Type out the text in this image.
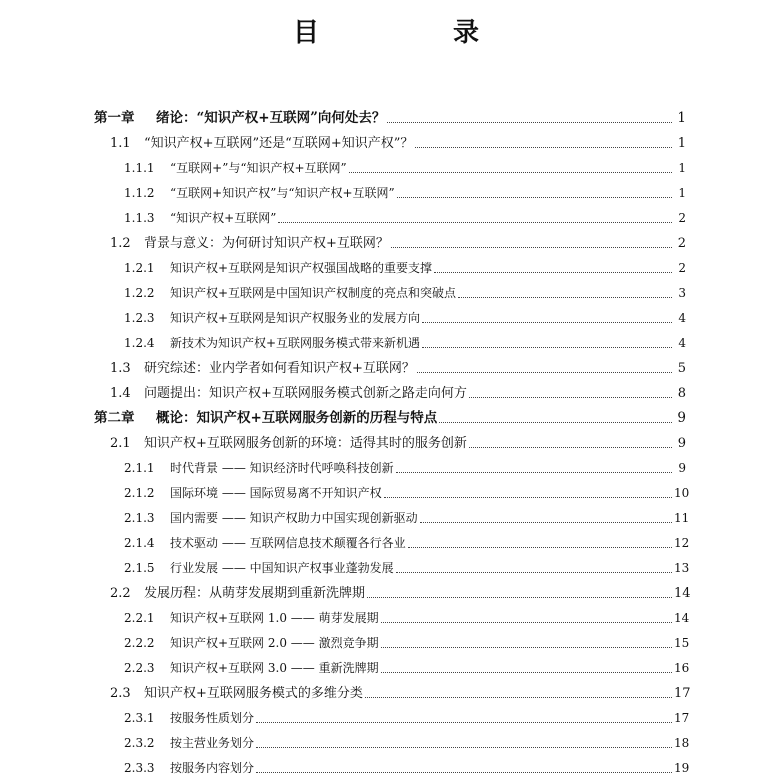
目　录
第一章	绪论：“知识产权+互联网”向何处去？	1
1.1	“知识产权+互联网”还是“互联网+知识产权”？	1
1.1.1	“互联网+”与“知识产权+互联网”	1
1.1.2	“互联网+知识产权”与“知识产权+互联网”	1
1.1.3	“知识产权+互联网”	2
1.2	背景与意义：为何研讨知识产权+互联网？	2
1.2.1	知识产权+互联网是知识产权强国战略的重要支撑	2
1.2.2	知识产权+互联网是中国知识产权制度的亮点和突破点	3
1.2.3	知识产权+互联网是知识产权服务业的发展方向	4
1.2.4	新技术为知识产权+互联网服务模式带来新机遇	4
1.3	研究综述：业内学者如何看知识产权+互联网？	5
1.4	问题提出：知识产权+互联网服务模式创新之路走向何方	8
第二章	概论：知识产权+互联网服务创新的历程与特点	9
2.1	知识产权+互联网服务创新的环境：适得其时的服务创新	9
2.1.1	时代背景 —— 知识经济时代呼唤科技创新	9
2.1.2	国际环境 —— 国际贸易离不开知识产权	10
2.1.3	国内需要 —— 知识产权助力中国实现创新驱动	11
2.1.4	技术驱动 —— 互联网信息技术颠覆各行各业	12
2.1.5	行业发展 —— 中国知识产权事业蓬勃发展	13
2.2	发展历程：从萌芽发展期到重新洗牌期	14
2.2.1	知识产权+互联网 1.0 —— 萌芽发展期	14
2.2.2	知识产权+互联网 2.0 —— 激烈竞争期	15
2.2.3	知识产权+互联网 3.0 —— 重新洗牌期	16
2.3	知识产权+互联网服务模式的多维分类	17
2.3.1	按服务性质划分	17
2.3.2	按主营业务划分	18
2.3.3	按服务内容划分	19
